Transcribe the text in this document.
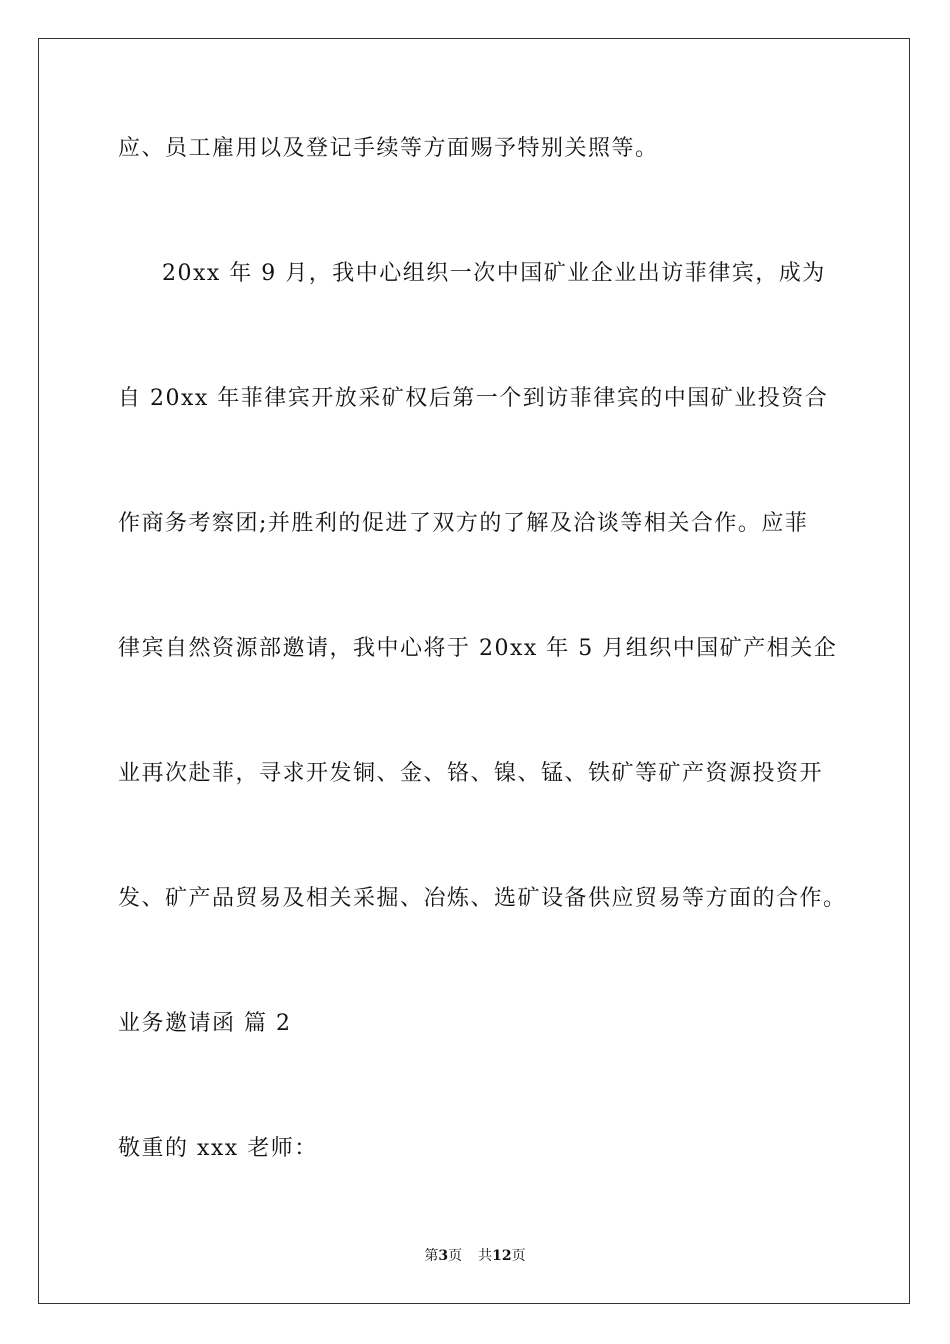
应、员工雇用以及登记手续等方面赐予特别关照等。
20xx 年 9 月，我中心组织一次中国矿业企业出访菲律宾，成为
自 20xx 年菲律宾开放采矿权后第一个到访菲律宾的中国矿业投资合
作商务考察团;并胜利的促进了双方的了解及洽谈等相关合作。应菲
律宾自然资源部邀请，我中心将于 20xx 年 5 月组织中国矿产相关企
业再次赴菲，寻求开发铜、金、铬、镍、锰、铁矿等矿产资源投资开
发、矿产品贸易及相关采掘、冶炼、选矿设备供应贸易等方面的合作。
业务邀请函 篇 2
敬重的 xxx 老师：
第3页 共12页
